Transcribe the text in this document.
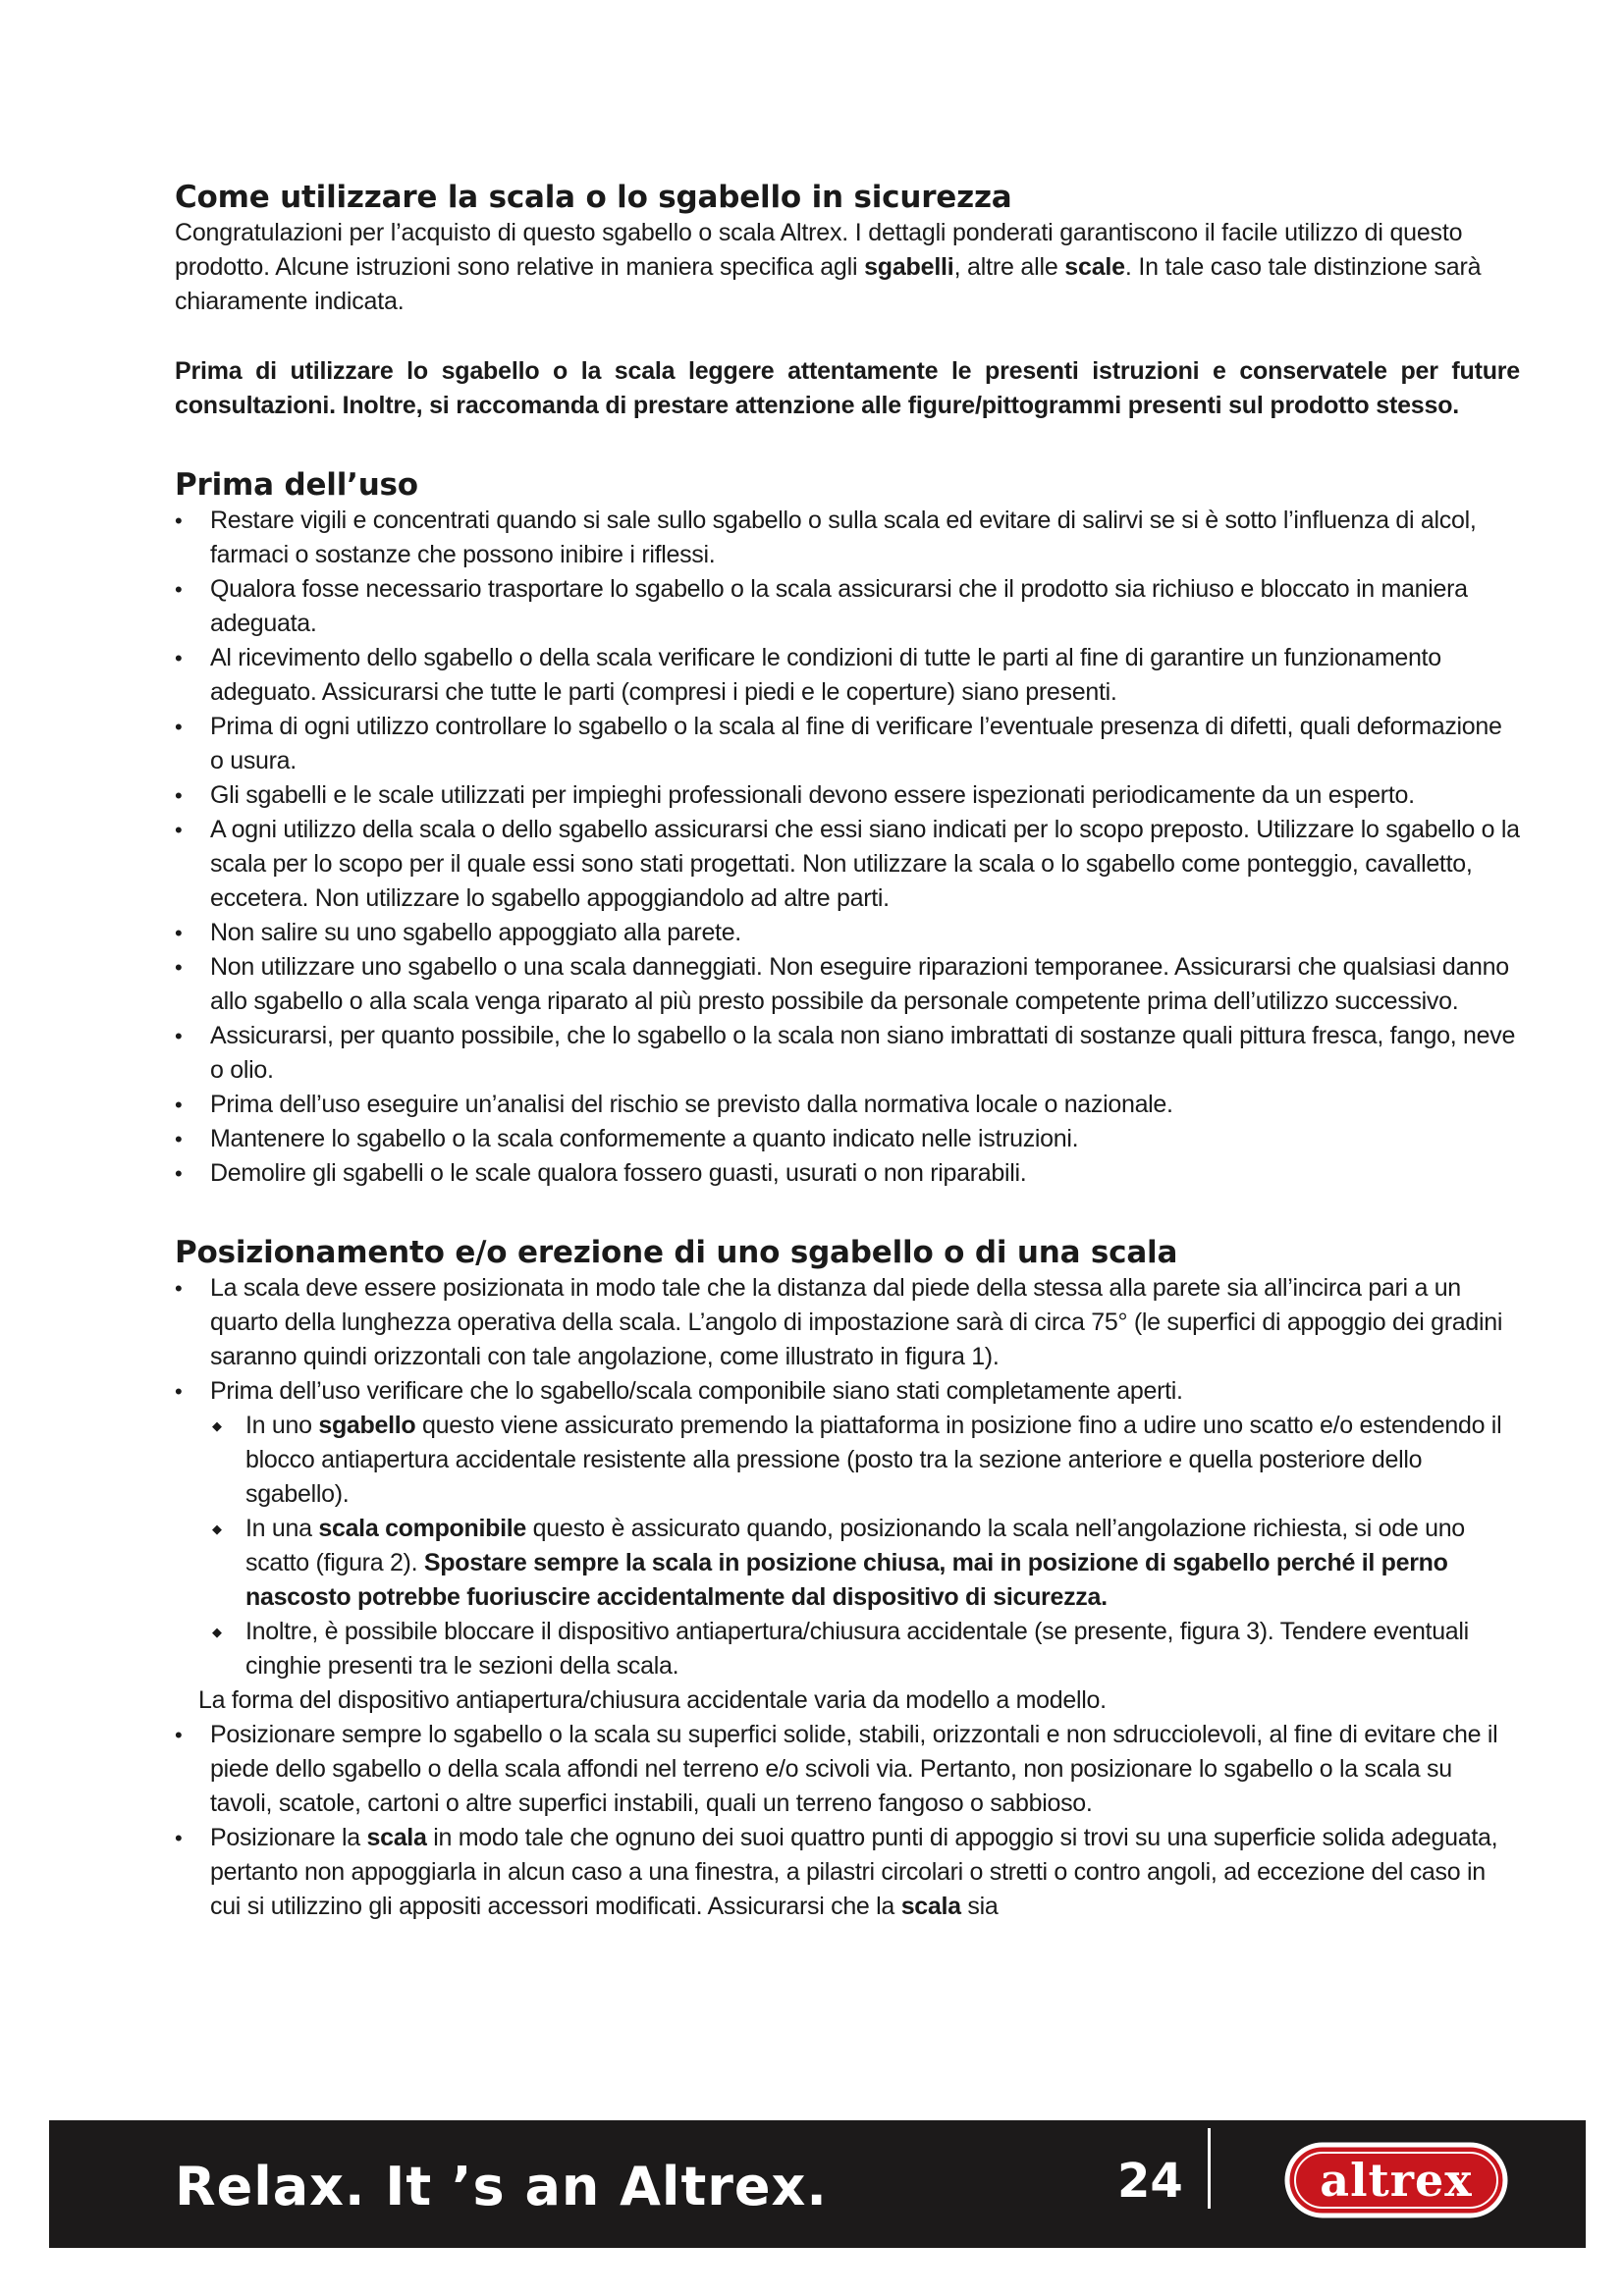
Come utilizzare la scala o lo sgabello in sicurezza

Congratulazioni per l’acquisto di questo sgabello o scala Altrex. I dettagli ponderati garantiscono il facile utilizzo di questo prodotto. Alcune istruzioni sono relative in maniera specifica agli sgabelli, altre alle scale. In tale caso tale distinzione sarà chiaramente indicata.

Prima di utilizzare lo sgabello o la scala leggere attentamente le presenti istruzioni e conservatele per future consultazioni. Inoltre, si raccomanda di prestare attenzione alle figure/pittogrammi presenti sul prodotto stesso.

Prima dell’uso
• Restare vigili e concentrati quando si sale sullo sgabello o sulla scala ed evitare di salirvi se si è sotto l’influenza di alcol, farmaci o sostanze che possono inibire i riflessi.
• Qualora fosse necessario trasportare lo sgabello o la scala assicurarsi che il prodotto sia richiuso e bloccato in maniera adeguata.
• Al ricevimento dello sgabello o della scala verificare le condizioni di tutte le parti al fine di garantire un funzionamento adeguato. Assicurarsi che tutte le parti (compresi i piedi e le coperture) siano presenti.
• Prima di ogni utilizzo controllare lo sgabello o la scala al fine di verificare l’eventuale presenza di difetti, quali deformazione o usura.
• Gli sgabelli e le scale utilizzati per impieghi professionali devono essere ispezionati periodicamente da un esperto.
• A ogni utilizzo della scala o dello sgabello assicurarsi che essi siano indicati per lo scopo preposto. Utilizzare lo sgabello o la scala per lo scopo per il quale essi sono stati progettati. Non utilizzare la scala o lo sgabello come ponteggio, cavalletto, eccetera. Non utilizzare lo sgabello appoggiandolo ad altre parti.
• Non salire su uno sgabello appoggiato alla parete.
• Non utilizzare uno sgabello o una scala danneggiati. Non eseguire riparazioni temporanee. Assicurarsi che qualsiasi danno allo sgabello o alla scala venga riparato al più presto possibile da personale competente prima dell’utilizzo successivo.
• Assicurarsi, per quanto possibile, che lo sgabello o la scala non siano imbrattati di sostanze quali pittura fresca, fango, neve o olio.
• Prima dell’uso eseguire un’analisi del rischio se previsto dalla normativa locale o nazionale.
• Mantenere lo sgabello o la scala conformemente a quanto indicato nelle istruzioni.
• Demolire gli sgabelli o le scale qualora fossero guasti, usurati o non riparabili.
Posizionamento e/o erezione di uno sgabello o di una scala
• La scala deve essere posizionata in modo tale che la distanza dal piede della stessa alla parete sia all’incirca pari a un quarto della lunghezza operativa della scala. L’angolo di impostazione sarà di circa 75° (le superfici di appoggio dei gradini saranno quindi orizzontali con tale angolazione, come illustrato in figura 1).
• Prima dell’uso verificare che lo sgabello/scala componibile siano stati completamente aperti.
◆ In uno sgabello questo viene assicurato premendo la piattaforma in posizione fino a udire uno scatto e/o estendendo il blocco antiapertura accidentale resistente alla pressione (posto tra la sezione anteriore e quella posteriore dello sgabello).
◆ In una scala componibile questo è assicurato quando, posizionando la scala nell’angolazione richiesta, si ode uno scatto (figura 2). Spostare sempre la scala in posizione chiusa, mai in posizione di sgabello perché il perno nascosto potrebbe fuoriuscire accidentalmente dal dispositivo di sicurezza.
◆ Inoltre, è possibile bloccare il dispositivo antiapertura/chiusura accidentale (se presente, figura 3). Tendere eventuali cinghie presenti tra le sezioni della scala.
La forma del dispositivo antiapertura/chiusura accidentale varia da modello a modello.
• Posizionare sempre lo sgabello o la scala su superfici solide, stabili, orizzontali e non sdrucciolevoli, al fine di evitare che il piede dello sgabello o della scala affondi nel terreno e/o scivoli via. Pertanto, non posizionare lo sgabello o la scala su tavoli, scatole, cartoni o altre superfici instabili, quali un terreno fangoso o sabbioso.
• Posizionare la scala in modo tale che ognuno dei suoi quattro punti di appoggio si trovi su una superficie solida adeguata, pertanto non appoggiarla in alcun caso a una finestra, a pilastri circolari o stretti o contro angoli, ad eccezione del caso in cui si utilizzino gli appositi accessori modificati. Assicurarsi che la scala sia
Relax. It ’s an Altrex.	24	altrex
